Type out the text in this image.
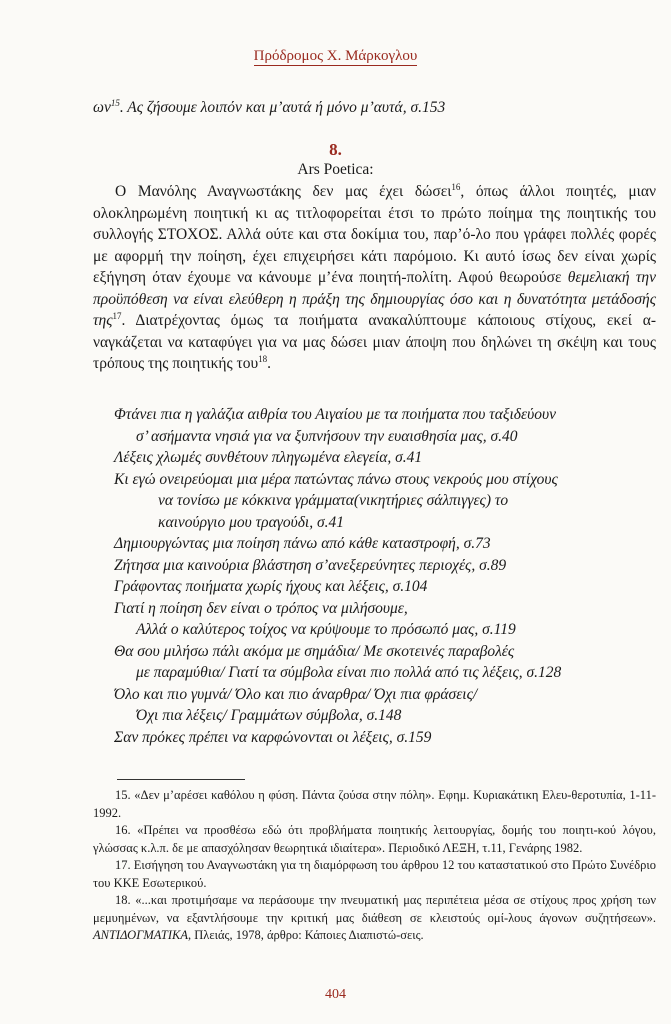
Πρόδρομος Χ. Μάρκογλου
$\omega\nu^{15}$. Ας ζήσουμε λοιπόν και μ’αυτά ή μόνο μ’αυτά, σ.153
8.
Ars Poetica:

Ο Μανόλης Αναγνωστάκης δεν μας έχει δώσει$^{16}$, όπως άλλοι ποιητές, μιαν ολοκληρωμένη ποιητική κι ας τιτλοφορείται έτσι το πρώτο ποίημα της ποιητικής του συλλογής ΣΤΟΧΟΣ. Αλλά ούτε και στα δοκίμια του, παρ’ό-λο που γράφει πολλές φορές με αφορμή την ποίηση, έχει επιχειρήσει κάτι παρόμοιο. Κι αυτό ίσως δεν είναι χωρίς εξήγηση όταν έχουμε να κάνουμε μ’ένα ποιητή-πολίτη. Αφού θεωρούσε θεμελιακή την προϋπόθεση να είναι ελεύθερη η πράξη της δημιουργίας όσο και η δυνατότητα μετάδοσής της$^{17}$. Διατρέχοντας όμως τα ποιήματα ανακαλύπτουμε κάποιους στίχους, εκεί α-ναγκάζεται να καταφύγει για να μας δώσει μιαν άποψη που δηλώνει τη σκέψη και τους τρόπους της ποιητικής του$^{18}$.

Φτάνει πια η γαλάζια αιθρία του Αιγαίου με τα ποιήματα που ταξιδεύουν
σ’ ασήμαντα νησιά για να ξυπνήσουν την ευαισθησία μας, σ.40

Λέξεις χλωμές συνθέτουν πληγωμένα ελεγεία, σ.41

Κι εγώ ονειρεύομαι μια μέρα πατώντας πάνω στους νεκρούς μου στίχους
να τονίσω με κόκκινα γράμματα(νικητήριες σάλπιγγες) το
καινούργιο μου τραγούδι, σ.41

Δημιουργώντας μια ποίηση πάνω από κάθε καταστροφή, σ.73

Ζήτησα μια καινούρια βλάστηση σ’ανεξερεύνητες περιοχές, σ.89

Γράφοντας ποιήματα χωρίς ήχους και λέξεις, σ.104

Γιατί η ποίηση δεν είναι ο τρόπος να μιλήσουμε,
Αλλά ο καλύτερος τοίχος να κρύψουμε το πρόσωπό μας, σ.119

Θα σου μιλήσω πάλι ακόμα με σημάδια/ Με σκοτεινές παραβολές
με παραμύθια/ Γιατί τα σύμβολα είναι πιο πολλά από τις λέξεις, σ.128

Όλο και πιο γυμνά/ Όλο και πιο άναρθρα/ Όχι πια φράσεις/
Όχι πια λέξεις/ Γραμμάτων σύμβολα, σ.148

Σαν πρόκες πρέπει να καρφώνονται οι λέξεις, σ.159

15. «Δεν μ’αρέσει καθόλου η φύση. Πάντα ζούσα στην πόλη». Εφημ. Κυριακάτικη Ελευ-θεροτυπία, 1-11-1992.

16. «Πρέπει να προσθέσω εδώ ότι προβλήματα ποιητικής λειτουργίας, δομής του ποιητι-κού λόγου, γλώσσας κ.λ.π. δε με απασχόλησαν θεωρητικά ιδιαίτερα». Περιοδικό ΛΕΞΗ, τ.11, Γενάρης 1982.

17. Εισήγηση του Αναγνωστάκη για τη διαμόρφωση του άρθρου 12 του καταστατικού στο Πρώτο Συνέδριο του ΚΚΕ Εσωτερικού.

18. «...και προτιμήσαμε να περάσουμε την πνευματική μας περιπέτεια μέσα σε στίχους προς χρήση των μεμυημένων, να εξαντλήσουμε την κριτική μας διάθεση σε κλειστούς ομί-λους άγονων συζητήσεων». ΑΝΤΙΔΟΓΜΑΤΙΚΑ, Πλειάς, 1978, άρθρο: Κάποιες Διαπιστώ-σεις.

404
